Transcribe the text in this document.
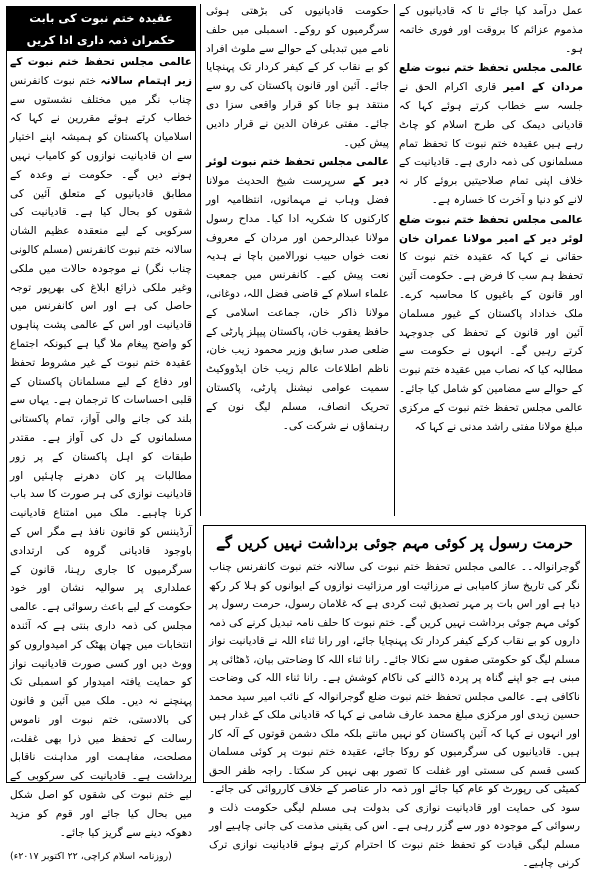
عمل درآمد کیا جائے تا کہ قادیانیوں کے مذموم عزائم کا بروقت اور فوری خاتمہ ہو۔

عالمی مجلس تحفظ ختم نبوت ضلع مردان کے امیر قاری اکرام الحق نے جلسہ سے خطاب کرتے ہوئے کہا کہ قادیانی دیمک کی طرح اسلام کو چاٹ رہے ہیں عقیدہ ختم نبوت کا تحفظ تمام مسلمانوں کی ذمہ داری ہے۔ قادیانیت کے خلاف اپنی تمام صلاحیتیں بروئے کار نہ لانے کو دنیا و آخرت کا خسارہ ہے۔

عالمی مجلس تحفظ ختم نبوت ضلع لوئر دیر کے امیر مولانا عمران خان حقانی نے کہا کہ عقیدہ ختم نبوت کا تحفظ ہم سب کا فرض ہے۔ حکومت آئین اور قانون کے باغیوں کا محاسبہ کرے۔ ملک خداداد پاکستان کے غیور مسلمان آئین اور قانون کے تحفظ کی جدوجہد کرتے رہیں گے۔ انہوں نے حکومت سے مطالبہ کیا کہ نصاب میں عقیدہ ختم نبوت کے حوالے سے مضامین کو شامل کیا جائے۔ عالمی مجلس تحفظ ختم نبوت کے مرکزی مبلغ مولانا مفتی راشد مدنی نے کہا کہ

حکومت قادیانیوں کی بڑھتی ہوئی سرگرمیوں کو روکے۔ اسمبلی میں حلف نامے میں تبدیلی کے حوالے سے ملوث افراد کو بے نقاب کر کے کیفر کردار تک پہنچایا جائے۔ آئین اور قانون پاکستان کی رو سے منتقد ہو جانا کو قرار واقعی سزا دی جائے۔ مفتی عرفان الدین نے قرار دادیں پیش کیں۔

عالمی مجلس تحفظ ختم نبوت لوئر دیر کے سرپرست شیخ الحدیث مولانا فضل وہاب نے مہمانوں، انتظامیہ اور کارکنوں کا شکریہ ادا کیا۔ مداح رسول مولانا عبدالرحمن اور مردان کے معروف نعت خواں حبیب نورالامین باچا نے ہدیہ نعت پیش کیے۔ کانفرنس میں جمعیت علماء اسلام کے قاضی فضل اللہ، دوغانی، مولانا ذاکر خان، جماعت اسلامی کے حافظ یعقوب خان، پاکستان پیپلز پارٹی کے ضلعی صدر سابق وزیر محمود زیب خان، ناظم اطلاعات عالم زیب خان ایڈووکیٹ سمیت عوامی نیشنل پارٹی، پاکستان تحریک انصاف، مسلم لیگ نون کے رہنماؤں نے شرکت کی۔

عقیدہ ختم نبوت کی بابت حکمران ذمہ داری ادا کریں

عالمی مجلس تحفظ ختم نبوت کے زیر اہتمام سالانہ ختم نبوت کانفرنس چناب نگر میں مختلف نشستوں سے خطاب کرتے ہوئے مقررین نے کہا کہ اسلامیان پاکستان کو ہمیشہ اپنے اختیار سے ان قادیانیت نوازوں کو کامیاب نہیں ہونے دیں گے۔ حکومت نے وعدہ کے مطابق قادیانیوں کے متعلق آئین کی شقوں کو بحال کیا ہے۔ قادیانیت کی سرکوبی کے لیے منعقدہ عظیم الشان سالانہ ختم نبوت کانفرنس (مسلم کالونی چناب نگر) نے موجودہ حالات میں ملکی وغیر ملکی ذرائع ابلاغ کی بھرپور توجہ حاصل کی ہے اور اس کانفرنس میں قادیانیت اور اس کے عالمی پشت پناہوں کو واضح پیغام ملا گیا ہے کیونکہ اجتماع عقیدہ ختم نبوت کے غیر مشروط تحفظ اور دفاع کے لیے مسلمانان پاکستان کے قلبی احساسات کا ترجمان ہے۔ یہاں سے بلند کی جانے والی آواز، تمام پاکستانی مسلمانوں کے دل کی آواز ہے۔ مقتدر طبقات کو اہل پاکستان کے پر زور مطالبات پر کان دھرنے چاہئیں اور قادیانیت نوازی کی ہر صورت کا سد باب کرنا چاہیے۔ ملک میں امتناع قادیانیت آرڈیننس کو قانون نافذ ہے مگر اس کے باوجود قادیانی گروہ کی ارتدادی سرگرمیوں کا جاری رہنا، قانون کے عملداری پر سوالیہ نشان اور خود حکومت کے لیے باعث رسوائی ہے۔ عالمی مجلس کی ذمہ داری بنتی ہے کہ آئندہ انتخابات میں چھان پھٹک کر امیدواروں کو ووٹ دیں اور کسی صورت قادیانیت نواز کو حمایت یافتہ امیدوار کو اسمبلی تک پہنچنے نہ دیں۔ ملک میں آئین و قانون کی بالادستی، ختم نبوت اور ناموس رسالت کے تحفظ میں ذرا بھی غفلت، مصلحت، مفاہمت اور مداہنت ناقابل برداشت ہے۔ قادیانیت کی سرکوبی کے لیے ختم نبوت کی شقوں کو اصل شکل میں بحال کیا جائے اور قوم کو مزید دھوکہ دینے سے گریز کیا جائے۔

(روزنامہ اسلام کراچی، ۲۲ اکتوبر ۲۰۱۷ء)
حرمت رسول پر کوئی مہم جوئی برداشت نہیں کریں گے
گوجرانوالہ۔۔ عالمی مجلس تحفظ ختم نبوت کی سالانہ ختم نبوت کانفرنس چناب نگر کی تاریخ ساز کامیابی نے مرزائیت اور مرزائیت نوازوں کے ایوانوں کو ہلا کر رکھ دیا ہے اور اس بات پر مہر تصدیق ثبت کردی ہے کہ غلامان رسول، حرمت رسول پر کوئی مہم جوئی برداشت نہیں کریں گے۔ ختم نبوت کا حلف نامہ تبدیل کرنے کی ذمہ داروں کو بے نقاب کرکے کیفر کردار تک پہنچایا جائے، اور رانا ثناء اللہ نے قادیانیت نواز مسلم لیگ کو حکومتی صفوں سے نکالا جائے۔ رانا ثناء اللہ کا وضاحتی بیان، ڈھٹائی پر مبنی ہے جو اپنے گناہ پر پردہ ڈالنے کی ناکام کوشش ہے۔ رانا ثناء اللہ کی وضاحت ناکافی ہے۔ عالمی مجلس تحفظ ختم نبوت ضلع گوجرانوالہ کے نائب امیر سید محمد حسین زیدی اور مرکزی مبلغ محمد عارف شامی نے کہا کہ قادیانی ملک کے غدار ہیں اور انہوں نے کہا کہ آئین پاکستان کو نہیں مانتے بلکہ ملک دشمن قوتوں کے آلہ کار ہیں۔ قادیانیوں کی سرگرمیوں کو روکا جائے، عقیدہ ختم نبوت پر کوئی مسلمان کسی قسم کی سستی اور غفلت کا تصور بھی نہیں کر سکتا۔ راجہ ظفر الحق کمیٹی کی رپورٹ کو عام کیا جائے اور ذمہ دار عناصر کے خلاف کارروائی کی جائے۔ سود کی حمایت اور قادیانیت نوازی کی بدولت ہی مسلم لیگی حکومت ذلت و رسوائی کے موجودہ دور سے گزر رہی ہے۔ اس کی یقینی مذمت کی جانی چاہیے اور مسلم لیگی قیادت کو تحفظ ختم نبوت کا احترام کرتے ہوئے قادیانیت نوازی ترک کرنی چاہیے۔
